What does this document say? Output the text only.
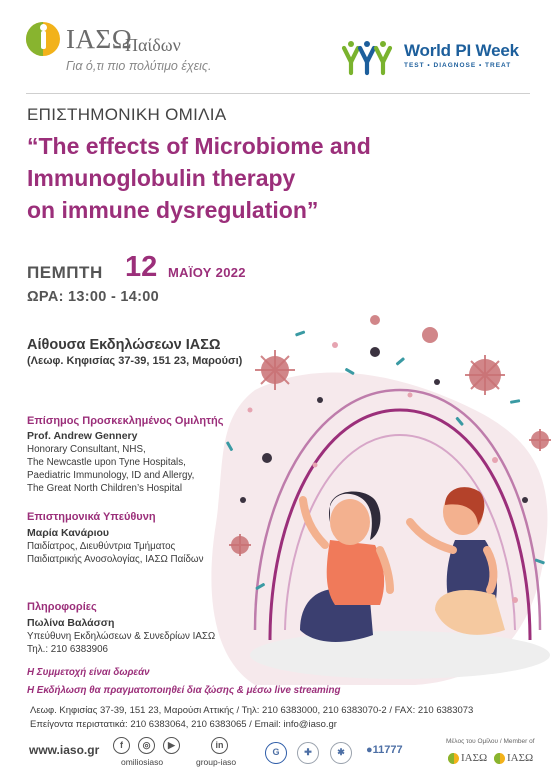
ΙΑΣΩ
Παίδων
Για ό,τι πιο πολύτιμο έχεις.
World PI Week
TEST • DIAGNOSE • TREAT
ΕΠΙΣΤΗΜΟΝΙΚΗ ΟΜΙΛΙΑ
“The effects of Microbiome and
Immunoglobulin therapy
on immune dysregulation”
ΠΕΜΠΤΗ 12 ΜΑΪΟΥ 2022
ΩΡΑ: 13:00 - 14:00
Αίθουσα Εκδηλώσεων ΙΑΣΩ
(Λεωφ. Κηφισίας 37-39, 151 23, Μαρούσι)
Επίσημος Προσκεκλημένος Ομιλητής
Prof. Andrew Gennery
Honorary Consultant, NHS,
The Newcastle upon Tyne Hospitals,
Paediatric Immunology, ID and Allergy,
The Great North Children’s Hospital
Επιστημονικά Υπεύθυνη
Μαρία Κανάριου
Παιδίατρος, Διευθύντρια Τμήματος
Παιδιατρικής Ανοσολογίας, ΙΑΣΩ Παίδων
Πληροφορίες
Πωλίνα Βαλάσση
Υπεύθυνη Εκδηλώσεων & Συνεδρίων ΙΑΣΩ
Τηλ.: 210 6383906
Η Συμμετοχή είναι δωρεάν
Η Εκδήλωση θα πραγματοποιηθεί δια ζώσης & μέσω live streaming
Λεωφ. Κηφισίας 37-39, 151 23, Μαρούσι Αττικής / Τηλ: 210 6383000, 210 6383070-2 / FAX: 210 6383073
Επείγοντα περιστατικά: 210 6383064, 210 6383065 / Email: info@iaso.gr
www.iaso.gr	f	◎	▶
omiliosiaso
in
group-iaso
G	✚	✱	●11777
Μέλος του Ομίλου / Member of
ΙΑΣΩ	ΙΑΣΩ
